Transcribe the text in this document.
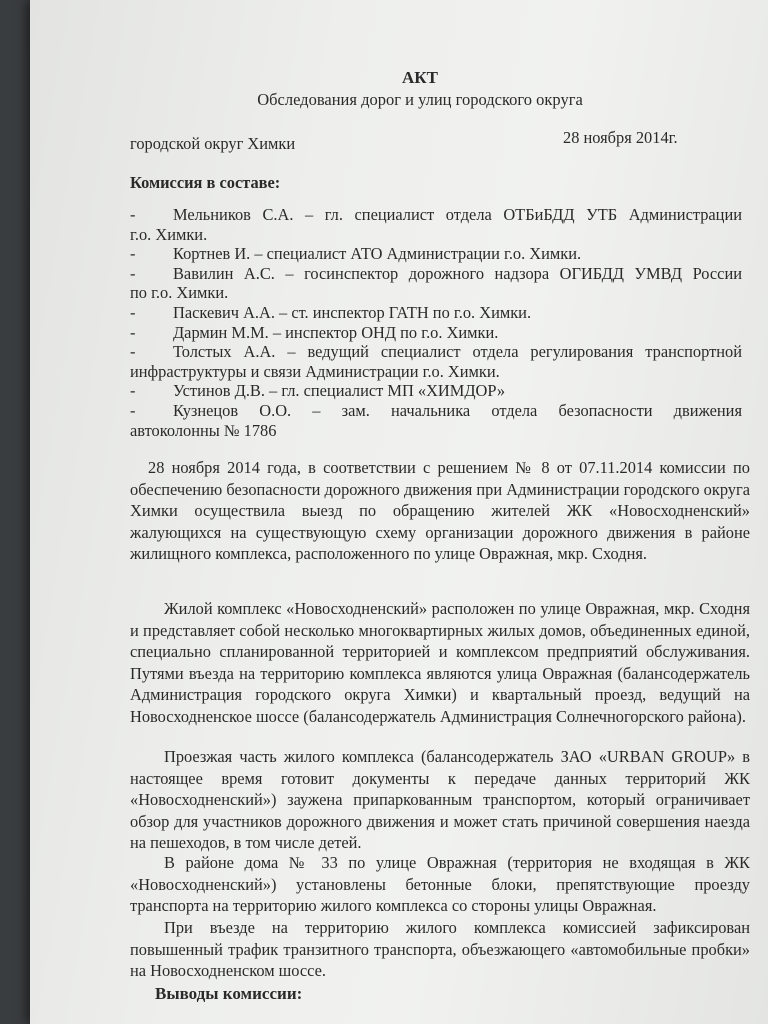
АКТ
Обследования дорог и улиц городского округа
городской округ Химки	28 ноября 2014г.
Комиссия в составе:
-	Мельников С.А. – гл. специалист отдела ОТБиБДД УТБ Администрации
г.о. Химки.
-	Кортнев И. – специалист АТО Администрации г.о. Химки.
-	Вавилин А.С. – госинспектор дорожного надзора ОГИБДД УМВД России
по г.о. Химки.
-	Паскевич А.А. – ст. инспектор ГАТН по г.о. Химки.
-	Дармин М.М. – инспектор ОНД по г.о. Химки.
-	Толстых А.А. – ведущий специалист отдела регулирования транспортной
инфраструктуры и связи Администрации г.о. Химки.
-	Устинов Д.В. – гл. специалист МП «ХИМДОР»
-	Кузнецов О.О. – зам. начальника отдела безопасности движения
автоколонны № 1786
28 ноября 2014 года, в соответствии с решением № 8 от 07.11.2014 комиссии по обеспечению безопасности дорожного движения при Администрации городского округа Химки осуществила выезд по обращению жителей ЖК «Новосходненский» жалующихся на существующую схему организации дорожного движения в районе жилищного комплекса, расположенного по улице Овражная, мкр. Сходня.
Жилой комплекс «Новосходненский» расположен по улице Овражная, мкр. Сходня и представляет собой несколько многоквартирных жилых домов, объединенных единой, специально спланированной территорией и комплексом предприятий обслуживания. Путями въезда на территорию комплекса являются улица Овражная (балансодержатель Администрация городского округа Химки) и квартальный проезд, ведущий на Новосходненское шоссе (балансодержатель Администрация Солнечногорского района).
Проезжая часть жилого комплекса (балансодержатель ЗАО «URBAN GROUP» в настоящее время готовит документы к передаче данных территорий ЖК «Новосходненский») заужена припаркованным транспортом, который ограничивает обзор для участников дорожного движения и может стать причиной совершения наезда на пешеходов, в том числе детей.
В районе дома № 33 по улице Овражная (территория не входящая в ЖК «Новосходненский») установлены бетонные блоки, препятствующие проезду транспорта на территорию жилого комплекса со стороны улицы Овражная.
При въезде на территорию жилого комплекса комиссией зафиксирован повышенный трафик транзитного транспорта, объезжающего «автомобильные пробки» на Новосходненском шоссе.
Выводы комиссии:
